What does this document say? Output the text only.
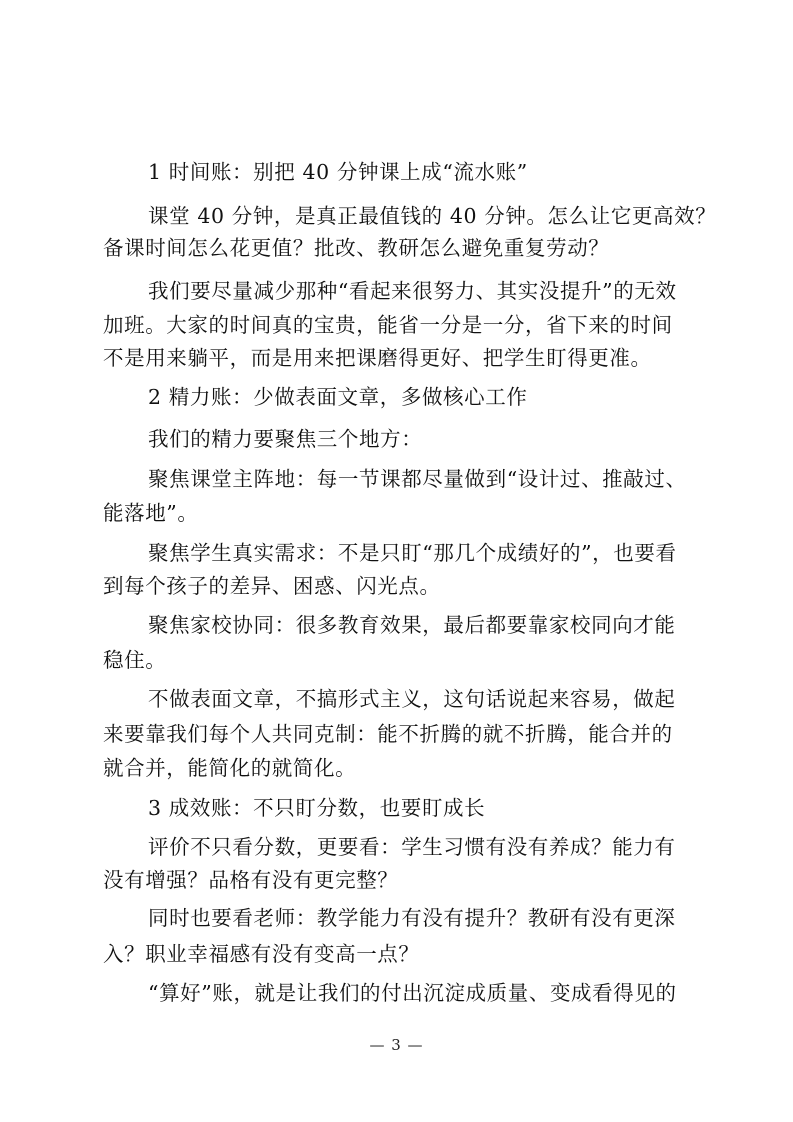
1 时间账：别把 40 分钟课上成“流水账”
课堂 40 分钟，是真正最值钱的 40 分钟。怎么让它更高效？
备课时间怎么花更值？批改、教研怎么避免重复劳动？
我们要尽量减少那种“看起来很努力、其实没提升”的无效
加班。大家的时间真的宝贵，能省一分是一分，省下来的时间
不是用来躺平，而是用来把课磨得更好、把学生盯得更准。
2 精力账：少做表面文章，多做核心工作
我们的精力要聚焦三个地方：
聚焦课堂主阵地：每一节课都尽量做到“设计过、推敲过、
能落地”。
聚焦学生真实需求：不是只盯“那几个成绩好的”，也要看
到每个孩子的差异、困惑、闪光点。
聚焦家校协同：很多教育效果，最后都要靠家校同向才能
稳住。
不做表面文章，不搞形式主义，这句话说起来容易，做起
来要靠我们每个人共同克制：能不折腾的就不折腾，能合并的
就合并，能简化的就简化。
3 成效账：不只盯分数，也要盯成长
评价不只看分数，更要看：学生习惯有没有养成？能力有
没有增强？品格有没有更完整？
同时也要看老师：教学能力有没有提升？教研有没有更深
入？职业幸福感有没有变高一点？
“算好”账，就是让我们的付出沉淀成质量、变成看得见的
— 3 —
